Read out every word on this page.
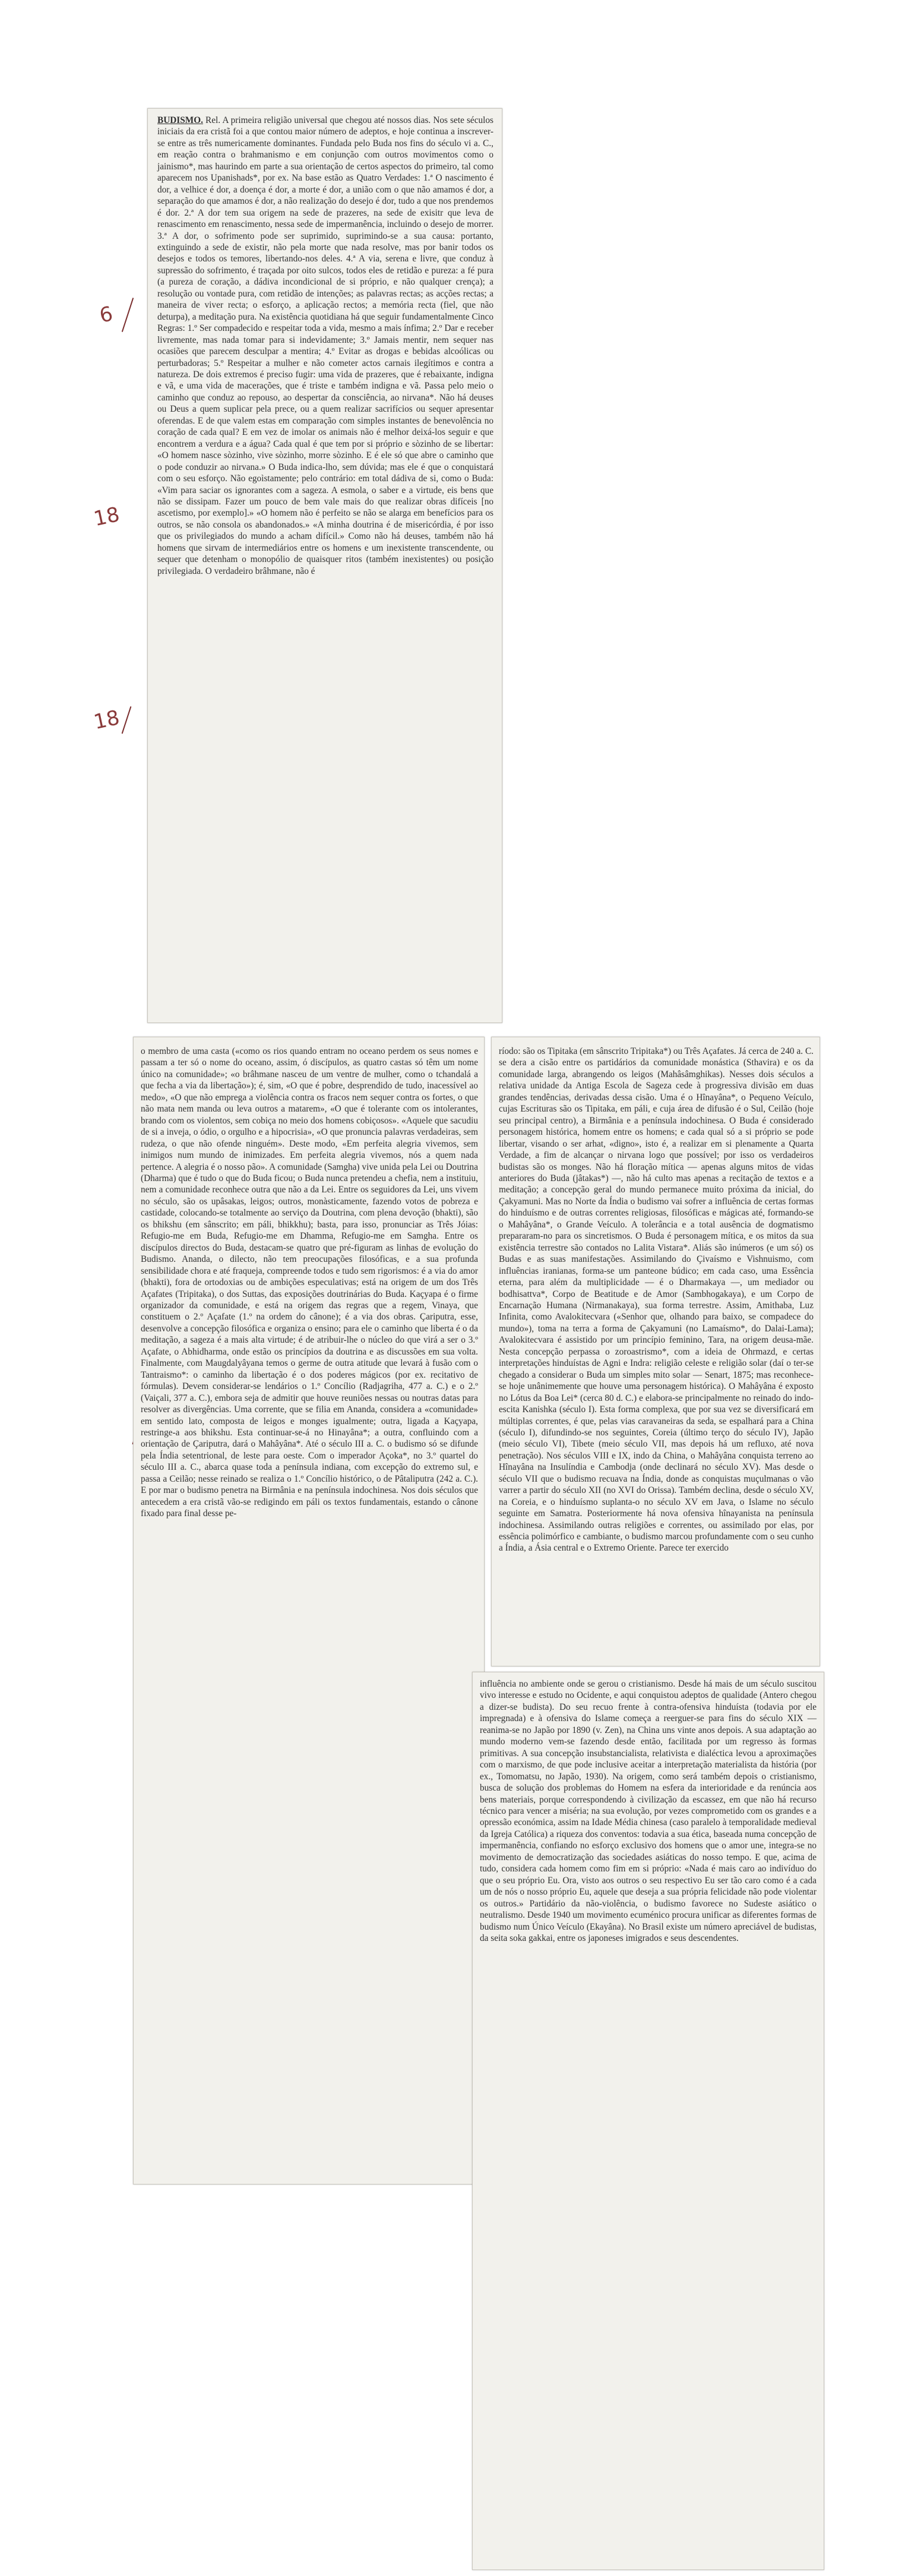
6
18
18
​

BUDISMO. Rel. A primeira religião universal que chegou até nossos dias. Nos sete séculos iniciais da era cristã foi a que contou maior número de adeptos, e hoje continua a inscrever-se entre as três numericamente dominantes. Fundada pelo Buda nos fins do século vi a. C., em reação contra o brahmanismo e em conjunção com outros movimentos como o jainismo*, mas haurindo em parte a sua orientação de certos aspectos do primeiro, tal como aparecem nos Upanishads*, por ex. Na base estão as Quatro Verdades: 1.ª O nascimento é dor, a velhice é dor, a doença é dor, a morte é dor, a união com o que não amamos é dor, a separação do que amamos é dor, a não realização do desejo é dor, tudo a que nos prendemos é dor. 2.ª A dor tem sua origem na sede de prazeres, na sede de exisitr que leva de renascimento em renascimento, nessa sede de impermanência, incluindo o desejo de morrer. 3.ª A dor, o sofrimento pode ser suprimido, suprimindo-se a sua causa: portanto, extinguindo a sede de existir, não pela morte que nada resolve, mas por banir todos os desejos e todos os temores, libertando-nos deles. 4.ª A via, serena e livre, que conduz à supressão do sofrimento, é traçada por oito sulcos, todos eles de retidão e pureza: a fé pura (a pureza de coração, a dádiva incondicional de si próprio, e não qualquer crença); a resolução ou vontade pura, com retidão de intenções; as palavras rectas; as acções rectas; a maneira de viver recta; o esforço, a aplicação rectos; a memória recta (fiel, que não deturpa), a meditação pura. Na existência quotidiana há que seguir fundamentalmente Cinco Regras: 1.º Ser compadecido e respeitar toda a vida, mesmo a mais ínfima; 2.º Dar e receber livremente, mas nada tomar para si indevidamente; 3.º Jamais mentir, nem sequer nas ocasiões que parecem desculpar a mentira; 4.º Evitar as drogas e bebidas alcoólicas ou perturbadoras; 5.º Respeitar a mulher e não cometer actos carnais ilegítimos e contra a natureza. De dois extremos é preciso fugir: uma vida de prazeres, que é rebaixante, indigna e vã, e uma vida de macerações, que é triste e também indigna e vã. Passa pelo meio o caminho que conduz ao repouso, ao despertar da consciência, ao nirvana*. Não há deuses ou Deus a quem suplicar pela prece, ou a quem realizar sacrifícios ou sequer apresentar oferendas. E de que valem estas em comparação com simples instantes de benevolência no coração de cada qual? E em vez de imolar os animais não é melhor deixá-los seguir e que encontrem a verdura e a água? Cada qual é que tem por si próprio e sòzinho de se libertar: «O homem nasce sòzinho, vive sòzinho, morre sòzinho. E é ele só que abre o caminho que o pode conduzir ao nirvana.» O Buda indica-lho, sem dúvida; mas ele é que o conquistará com o seu esforço. Não egoìstamente; pelo contrário: em total dádiva de si, como o Buda: «Vim para saciar os ignorantes com a sageza. A esmola, o saber e a virtude, eis bens que não se dissipam. Fazer um pouco de bem vale mais do que realizar obras difíceis [no ascetismo, por exemplo].» «O homem não é perfeito se não se alarga em benefícios para os outros, se não consola os abandonados.» «A minha doutrina é de misericórdia, é por isso que os privilegiados do mundo a acham difícil.» Como não há deuses, também não há homens que sirvam de intermediários entre os homens e um inexistente transcendente, ou sequer que detenham o monopólio de quaisquer ritos (também inexistentes) ou posição privilegiada. O verdadeiro brâhmane, não é

o membro de uma casta («como os rios quando entram no oceano perdem os seus nomes e passam a ter só o nome do oceano, assim, ó discípulos, as quatro castas só têm um nome único na comunidade»; «o brâhmane nasceu de um ventre de mulher, como o tchandalá a que fecha a via da libertação»); é, sim, «O que é pobre, desprendido de tudo, inacessível ao medo», «O que não emprega a violência contra os fracos nem sequer contra os fortes, o que não mata nem manda ou leva outros a matarem», «O que é tolerante com os intolerantes, brando com os violentos, sem cobiça no meio dos homens cobiçosos». «Aquele que sacudiu de si a inveja, o ódio, o orgulho e a hipocrisia», «O que pronuncia palavras verdadeiras, sem rudeza, o que não ofende ninguém». Deste modo, «Em perfeita alegria vivemos, sem inimigos num mundo de inimizades. Em perfeita alegria vivemos, nós a quem nada pertence. A alegria é o nosso pão». A comunidade (Samgha) vive unida pela Lei ou Doutrina (Dharma) que é tudo o que do Buda ficou; o Buda nunca pretendeu a chefia, nem a instituiu, nem a comunidade reconhece outra que não a da Lei. Entre os seguidores da Lei, uns vivem no século, são os upâsakas, leigos; outros, monàsticamente, fazendo votos de pobreza e castidade, colocando-se totalmente ao serviço da Doutrina, com plena devoção (bhakti), são os bhikshu (em sânscrito; em páli, bhikkhu); basta, para isso, pronunciar as Três Jóias: Refugio-me em Buda, Refugio-me em Dhamma, Refugio-me em Samgha. Entre os discípulos directos do Buda, destacam-se quatro que pré-figuram as linhas de evolução do Budismo. Ananda, o dilecto, não tem preocupações filosóficas, e a sua profunda sensibilidade chora e até fraqueja, compreende todos e tudo sem rigorismos: é a via do amor (bhakti), fora de ortodoxias ou de ambições especulativas; está na origem de um dos Três Açafates (Tripitaka), o dos Suttas, das exposições doutrinárias do Buda. Kaçyapa é o firme organizador da comunidade, e está na origem das regras que a regem, Vinaya, que constituem o 2.º Açafate (1.º na ordem do cânone); é a via dos obras. Çariputra, esse, desenvolve a concepção filosófica e organiza o ensino; para ele o caminho que liberta é o da meditação, a sageza é a mais alta virtude; é de atribuir-lhe o núcleo do que virá a ser o 3.º Açafate, o Abhidharma, onde estão os princípios da doutrina e as discussões em sua volta. Finalmente, com Maugdalyâyana temos o germe de outra atitude que levará à fusão com o Tantraismo*: o caminho da libertação é o dos poderes mágicos (por ex. recitativo de fórmulas). Devem considerar-se lendários o 1.º Concílio (Radjagriha, 477 a. C.) e o 2.º (Vaiçali, 377 a. C.), embora seja de admitir que houve reuniões nessas ou noutras datas para resolver as divergências. Uma corrente, que se filia em Ananda, considera a «comunidade» em sentido lato, composta de leigos e monges igualmente; outra, ligada a Kaçyapa, restringe-a aos bhikshu. Esta continuar-se-á no Hinayâna*; a outra, confluindo com a orientação de Çariputra, dará o Mahâyâna*. Até o século III a. C. o budismo só se difunde pela Índia setentrional, de leste para oeste. Com o imperador Açoka*, no 3.º quartel do século III a. C., abarca quase toda a península indiana, com excepção do extremo sul, e passa a Ceilão; nesse reinado se realiza o 1.º Concílio histórico, o de Pâtaliputra (242 a. C.). E por mar o budismo penetra na Birmânia e na península indochinesa. Nos dois séculos que antecedem a era cristã vão-se redigindo em páli os textos fundamentais, estando o cânone fixado para final desse pe-

ríodo: são os Tipitaka (em sânscrito Tripitaka*) ou Três Açafates. Já cerca de 240 a. C. se dera a cisão entre os partidários da comunidade monástica (Sthavira) e os da comunidade larga, abrangendo os leigos (Mahâsâmghikas). Nesses dois séculos a relativa unidade da Antiga Escola de Sageza cede à progressiva divisão em duas grandes tendências, derivadas dessa cisão. Uma é o Hînayâna*, o Pequeno Veículo, cujas Escrituras são os Tipitaka, em páli, e cuja área de difusão é o Sul, Ceilão (hoje seu principal centro), a Birmânia e a península indochinesa. O Buda é considerado personagem histórica, homem entre os homens; e cada qual só a si próprio se pode libertar, visando o ser arhat, «digno», isto é, a realizar em si plenamente a Quarta Verdade, a fim de alcançar o nirvana logo que possível; por isso os verdadeiros budistas são os monges. Não há floração mítica — apenas alguns mitos de vidas anteriores do Buda (jâtakas*) —, não há culto mas apenas a recitação de textos e a meditação; a concepção geral do mundo permanece muito próxima da inicial, do Çakyamuni. Mas no Norte da Índia o budismo vai sofrer a influência de certas formas do hinduísmo e de outras correntes religiosas, filosóficas e mágicas até, formando-se o Mahâyâna*, o Grande Veículo. A tolerância e a total ausência de dogmatismo prepararam-no para os sincretismos. O Buda é personagem mítica, e os mitos da sua existência terrestre são contados no Lalita Vistara*. Aliás são inúmeros (e um só) os Budas e as suas manifestações. Assimilando do Çivaísmo e Vishnuismo, com influências iranianas, forma-se um panteone búdico; em cada caso, uma Essência eterna, para além da multiplicidade — é o Dharmakaya —, um mediador ou bodhisattva*, Corpo de Beatitude e de Amor (Sambhogakaya), e um Corpo de Encarnação Humana (Nirmanakaya), sua forma terrestre. Assim, Amithaba, Luz Infinita, como Avalokitecvara («Senhor que, olhando para baixo, se compadece do mundo»), toma na terra a forma de Çakyamuni (no Lamaísmo*, do Dalai-Lama); Avalokitecvara é assistido por um princípio feminino, Tara, na origem deusa-mãe. Nesta concepção perpassa o zoroastrismo*, com a ideia de Ohrmazd, e certas interpretações hinduístas de Agni e Indra: religião celeste e religião solar (daí o ter-se chegado a considerar o Buda um simples mito solar — Senart, 1875; mas reconhece-se hoje unânimemente que houve uma personagem histórica). O Mahâyâna é exposto no Lótus da Boa Lei* (cerca 80 d. C.) e elabora-se principalmente no reinado do indo-escita Kanishka (século I). Esta forma complexa, que por sua vez se diversificará em múltiplas correntes, é que, pelas vias caravaneiras da seda, se espalhará para a China (século I), difundindo-se nos seguintes, Coreia (último terço do século IV), Japão (meio século VI), Tibete (meio século VII, mas depois há um refluxo, até nova penetração). Nos séculos VIII e IX, indo da China, o Mahâyâna conquista terreno ao Hînayâna na Insulíndia e Cambodja (onde declinará no século XV). Mas desde o século VII que o budismo recuava na Índia, donde as conquistas muçulmanas o vão varrer a partir do século XII (no XVI do Orissa). Também declina, desde o século XV, na Coreia, e o hinduísmo suplanta-o no século XV em Java, o Islame no século seguinte em Samatra. Posteriormente há nova ofensiva hînayanista na península indochinesa. Assimilando outras religiões e correntes, ou assimilado por elas, por essência polimórfico e cambiante, o budismo marcou profundamente com o seu cunho a Índia, a Ásia central e o Extremo Oriente. Parece ter exercido

influência no ambiente onde se gerou o cristianismo. Desde há mais de um século suscitou vivo interesse e estudo no Ocidente, e aqui conquistou adeptos de qualidade (Antero chegou a dizer-se budista). Do seu recuo frente à contra-ofensiva hinduísta (todavia por ele impregnada) e à ofensiva do Islame começa a reerguer-se para fins do século XIX — reanima-se no Japão por 1890 (v. Zen), na China uns vinte anos depois. A sua adaptação ao mundo moderno vem-se fazendo desde então, facilitada por um regresso às formas primitivas. A sua concepção insubstancialista, relativista e dialéctica levou a aproximações com o marxismo, de que pode inclusive aceitar a interpretação materialista da história (por ex., Tomomatsu, no Japão, 1930). Na origem, como será também depois o cristianismo, busca de solução dos problemas do Homem na esfera da interioridade e da renúncia aos bens materiais, porque correspondendo à civilização da escassez, em que não há recurso técnico para vencer a miséria; na sua evolução, por vezes comprometido com os grandes e a opressão económica, assim na Idade Média chinesa (caso paralelo à temporalidade medieval da Igreja Católica) a riqueza dos conventos: todavia a sua ética, baseada numa concepção de impermanência, confiando no esforço exclusivo dos homens que o amor une, integra-se no movimento de democratização das sociedades asiáticas do nosso tempo. E que, acima de tudo, considera cada homem como fim em si próprio: «Nada é mais caro ao indivíduo do que o seu próprio Eu. Ora, visto aos outros o seu respectivo Eu ser tão caro como é a cada um de nós o nosso próprio Eu, aquele que deseja a sua própria felicidade não pode violentar os outros.» Partidário da não-violência, o budismo favorece no Sudeste asiático o neutralismo. Desde 1940 um movimento ecuménico procura unificar as diferentes formas de budismo num Único Veículo (Ekayâna). No Brasil existe um número apreciável de budistas, da seita soka gakkai, entre os japoneses imigrados e seus descendentes.
